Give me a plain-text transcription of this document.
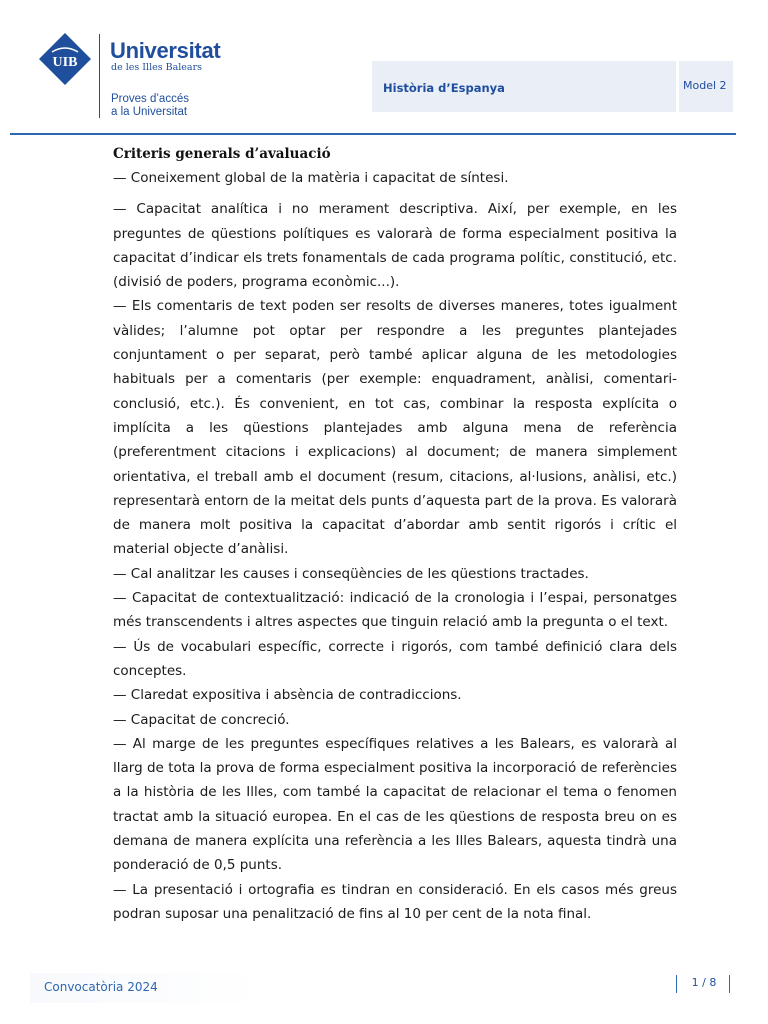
UIB Universitat
de les Illes Balears
Proves d’accés
a la Universitat
Història d’Espanya	Model 2

Criteris generals d’avaluació

— Coneixement global de la matèria i capacitat de síntesi.

— Capacitat analítica i no merament descriptiva. Així, per exemple, en les preguntes de qüestions polítiques es valorarà de forma especialment positiva la capacitat d’indicar els trets fonamentals de cada programa polític, constitució, etc. (divisió de poders, programa econòmic...).

— Els comentaris de text poden ser resolts de diverses maneres, totes igualment vàlides; l’alumne pot optar per respondre a les preguntes plantejades conjuntament o per separat, però també aplicar alguna de les metodologies habituals per a comentaris (per exemple: enquadrament, anàlisi, comentari-conclusió, etc.). És convenient, en tot cas, combinar la resposta explícita o implícita a les qüestions plantejades amb alguna mena de referència (preferentment citacions i explicacions) al document; de manera simplement orientativa, el treball amb el document (resum, citacions, al·lusions, anàlisi, etc.) representarà entorn de la meitat dels punts d’aquesta part de la prova. Es valorarà de manera molt positiva la capacitat d’abordar amb sentit rigorós i crític el material objecte d’anàlisi.

— Cal analitzar les causes i conseqüències de les qüestions tractades.

— Capacitat de contextualització: indicació de la cronologia i l’espai, personatges més transcendents i altres aspectes que tinguin relació amb la pregunta o el text.

— Ús de vocabulari específic, correcte i rigorós, com també definició clara dels conceptes.

— Claredat expositiva i absència de contradiccions.

— Capacitat de concreció.

— Al marge de les preguntes específiques relatives a les Balears, es valorarà al llarg de tota la prova de forma especialment positiva la incorporació de referències a la història de les Illes, com també la capacitat de relacionar el tema o fenomen tractat amb la situació europea. En el cas de les qüestions de resposta breu on es demana de manera explícita una referència a les Illes Balears, aquesta tindrà una ponderació de 0,5 punts.

— La presentació i ortografia es tindran en consideració. En els casos més greus podran suposar una penalització de fins al 10 per cent de la nota final.

Convocatòria 2024	1 / 8
